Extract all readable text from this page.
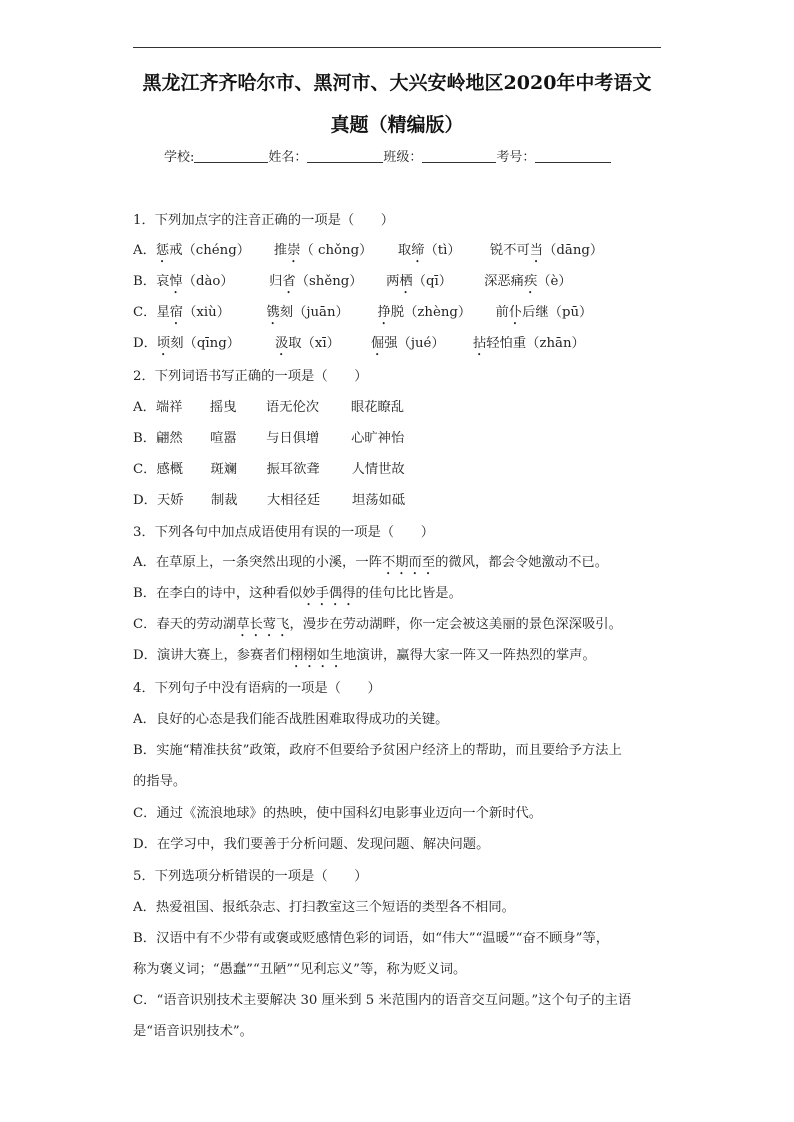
黑龙江齐齐哈尔市、黑河市、大兴安岭地区2020年中考语文
真题（精编版）
学校:	姓名：	班级：	考号：
1．下列加点字的注音正确的一项是（　　）
A．惩戒（chéng） 推崇（ chǒng） 取缔（tì） 锐不可当（dāng）
B．哀悼（dào）	归省（shěng） 两栖（qī） 深恶痛疾（è）
C．星宿（xiù）	镌刻（juān） 挣脱（zhèng） 前仆后继（pū）
D．顷刻（qīng）	汲取（xī） 倔强（jué） 拈轻怕重（zhān）
2．下列词语书写正确的一项是（　　）
A．端祥 摇曳 语无伦次 眼花瞭乱
B．翩然 喧嚣 与日俱增 心旷神怡
C．感概 斑斓 振耳欲聋 人情世故
D．天娇 制裁 大相径廷 坦荡如砥
3．下列各句中加点成语使用有误的一项是（　　）
A．在草原上，一条突然出现的小溪，一阵不期而至的微风，都会令她激动不已。
B．在李白的诗中，这种看似妙手偶得的佳句比比皆是。
C．春天的劳动湖草长莺飞，漫步在劳动湖畔，你一定会被这美丽的景色深深吸引。
D．演讲大赛上，参赛者们栩栩如生地演讲，赢得大家一阵又一阵热烈的掌声。
4．下列句子中没有语病的一项是（　　）
A．良好的心态是我们能否战胜困难取得成功的关键。
B．实施“精准扶贫”政策，政府不但要给予贫困户经济上的帮助，而且要给予方法上
的指导。
C．通过《流浪地球》的热映，使中国科幻电影事业迈向一个新时代。
D．在学习中，我们要善于分析问题、发现问题、解决问题。
5．下列选项分析错误的一项是（　　）
A．热爱祖国、报纸杂志、打扫教室这三个短语的类型各不相同。
B．汉语中有不少带有或褒或贬感情色彩的词语，如“伟大”“温暖”“奋不顾身”等，
称为褒义词；“愚蠢”“丑陋”“见利忘义”等，称为贬义词。
C．“语音识别技术主要解决 30 厘米到 5 米范围内的语音交互问题。”这个句子的主语
是“语音识别技术”。
